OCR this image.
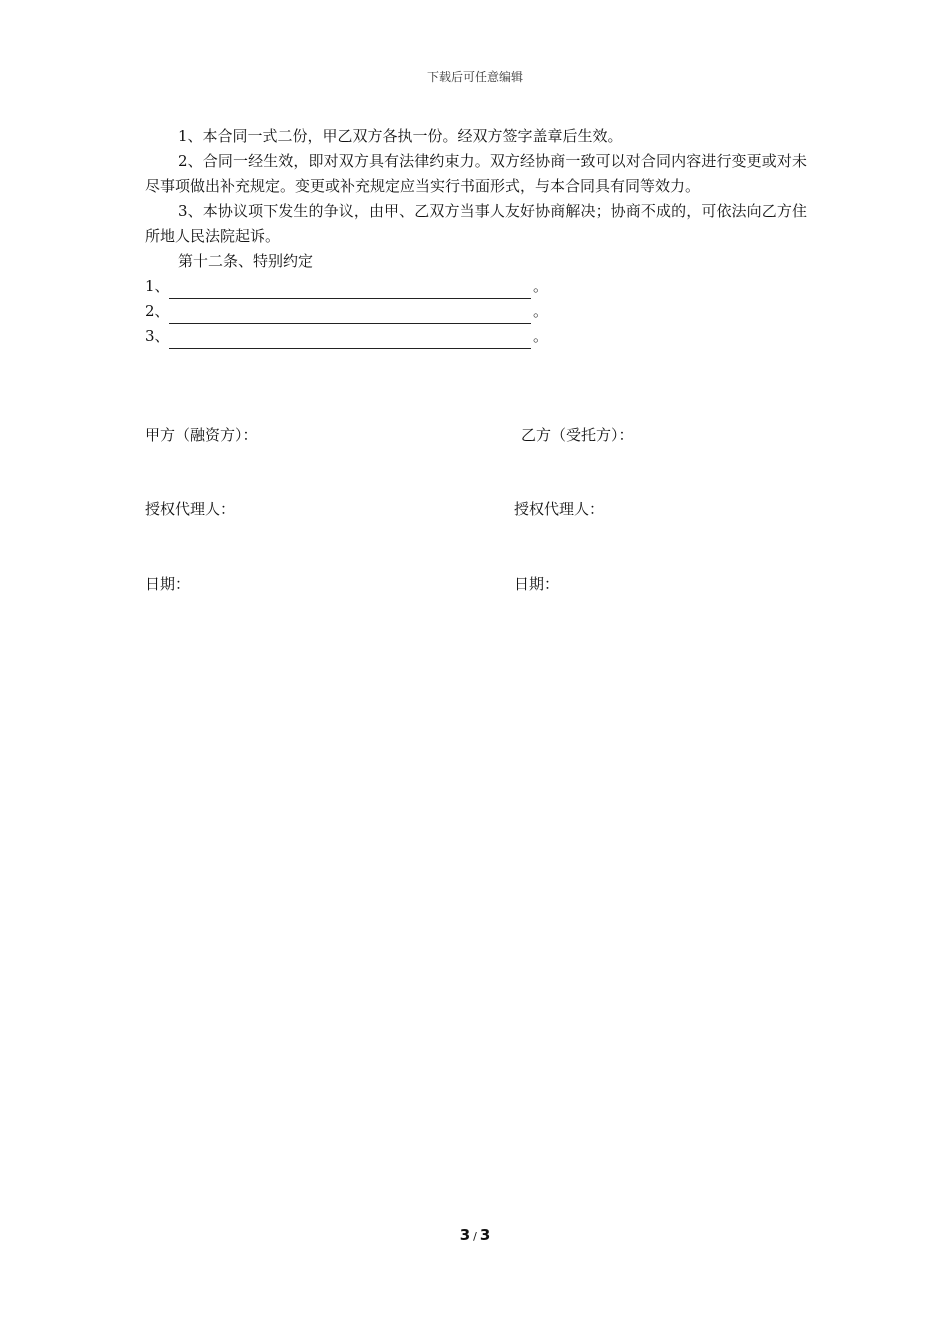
下载后可任意编辑

1、本合同一式二份，甲乙双方各执一份。经双方签字盖章后生效。

2、合同一经生效，即对双方具有法律约束力。双方经协商一致可以对合同内容进行变更或对未尽事项做出补充规定。变更或补充规定应当实行书面形式，与本合同具有同等效力。

3、本协议项下发生的争议，由甲、乙双方当事人友好协商解决；协商不成的，可依法向乙方住所地人民法院起诉。

第十二条、特别约定

1、	。
2、	。
3、	。
甲方（融资方）：	乙方（受托方）：
授权代理人：	授权代理人：
日期：	日期：
3 / 3
